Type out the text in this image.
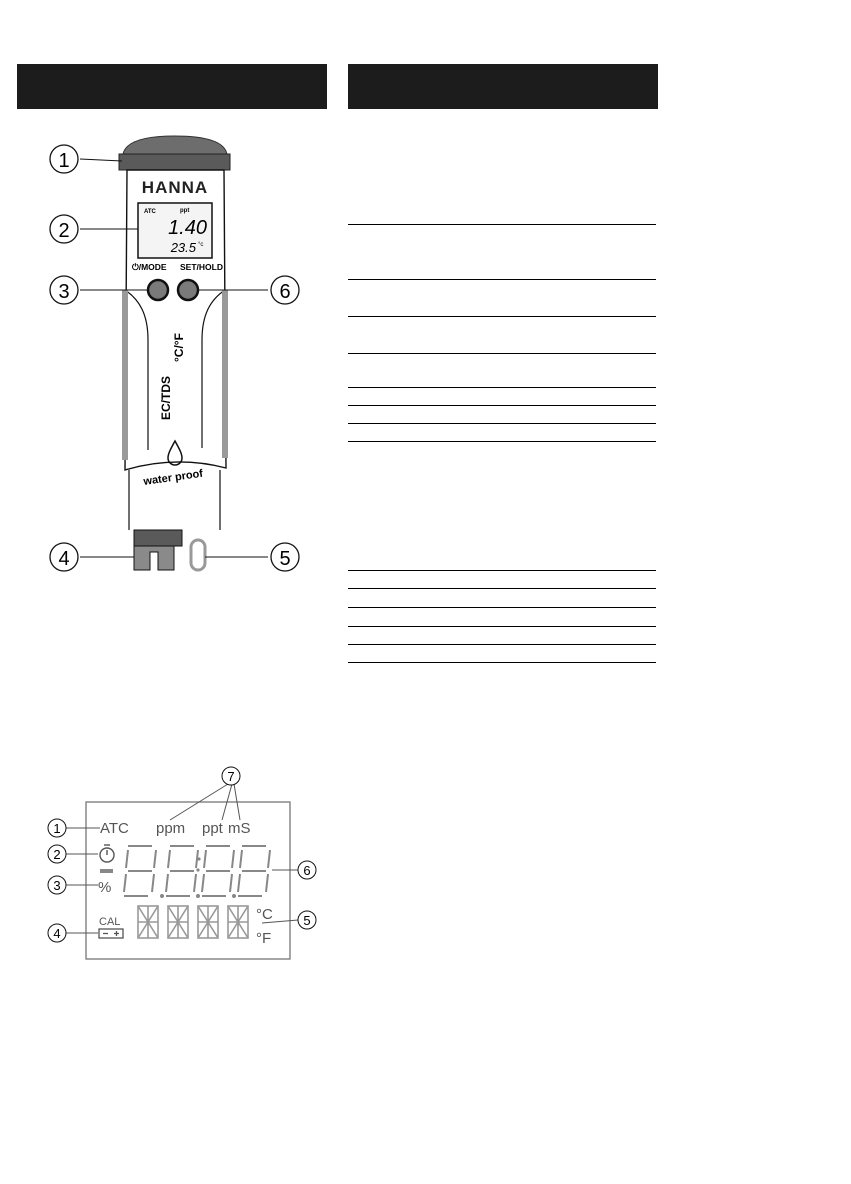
HANNA
ATC	ppt
1.40
23.5 °c
⏻/MODE SET/HOLD
EC/TDS
°C/°F
water proof
1
2
3	6
4	5
ATC ppm ppt mS
%
CAL	°C
°F
1
2
3
4
5
6
7
